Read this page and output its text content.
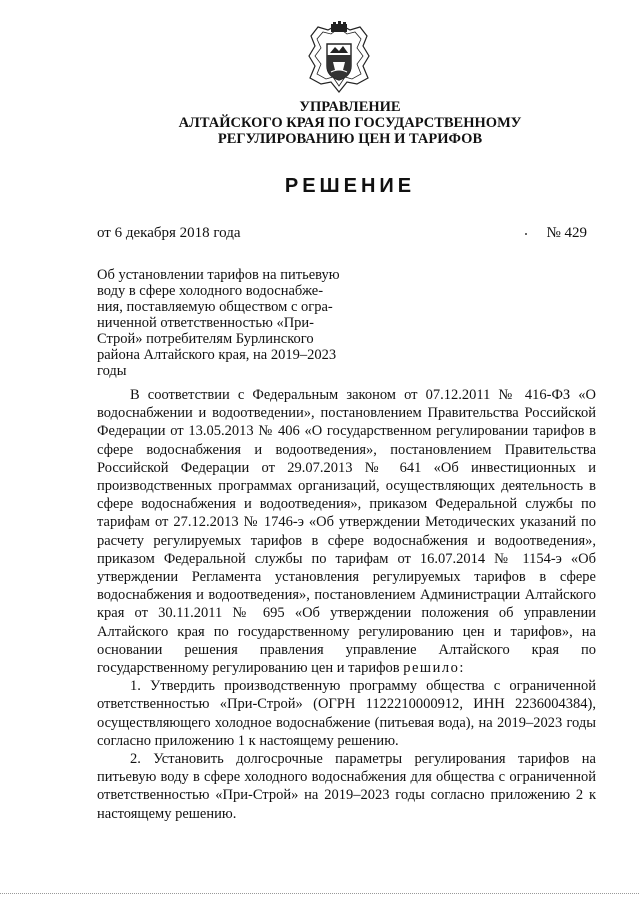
УПРАВЛЕНИЕ
АЛТАЙСКОГО КРАЯ ПО ГОСУДАРСТВЕННОМУ
РЕГУЛИРОВАНИЮ ЦЕН И ТАРИФОВ
РЕШЕНИЕ
от 6 декабря 2018 года	№ 429
Об установлении тарифов на питьевую
воду в сфере холодного водоснабже-
ния, поставляемую обществом с огра-
ниченной ответственностью «При-
Строй» потребителям Бурлинского
района Алтайского края, на 2019–2023
годы

В соответствии с Федеральным законом от 07.12.2011 № 416-ФЗ «О водоснабжении и водоотведении», постановлением Правительства Российской Федерации от 13.05.2013 № 406 «О государственном регулировании тарифов в сфере водоснабжения и водоотведения», постановлением Правительства Российской Федерации от 29.07.2013 № 641 «Об инвестиционных и производственных программах организаций, осуществляющих деятельность в сфере водоснабжения и водоотведения», приказом Федеральной службы по тарифам от 27.12.2013 № 1746-э «Об утверждении Методических указаний по расчету регулируемых тарифов в сфере водоснабжения и водоотведения», приказом Федеральной службы по тарифам от 16.07.2014 № 1154-э «Об утверждении Регламента установления регулируемых тарифов в сфере водоснабжения и водоотведения», постановлением Администрации Алтайского края от 30.11.2011 № 695 «Об утверждении положения об управлении Алтайского края по государственному регулированию цен и тарифов», на основании решения правления управление Алтайского края по государственному регулированию цен и тарифов решило:

1. Утвердить производственную программу общества с ограниченной ответственностью «При-Строй» (ОГРН 1122210000912, ИНН 2236004384), осуществляющего холодное водоснабжение (питьевая вода), на 2019–2023 годы согласно приложению 1 к настоящему решению.

2. Установить долгосрочные параметры регулирования тарифов на питьевую воду в сфере холодного водоснабжения для общества с ограниченной ответственностью «При-Строй» на 2019–2023 годы согласно приложению 2 к настоящему решению.
